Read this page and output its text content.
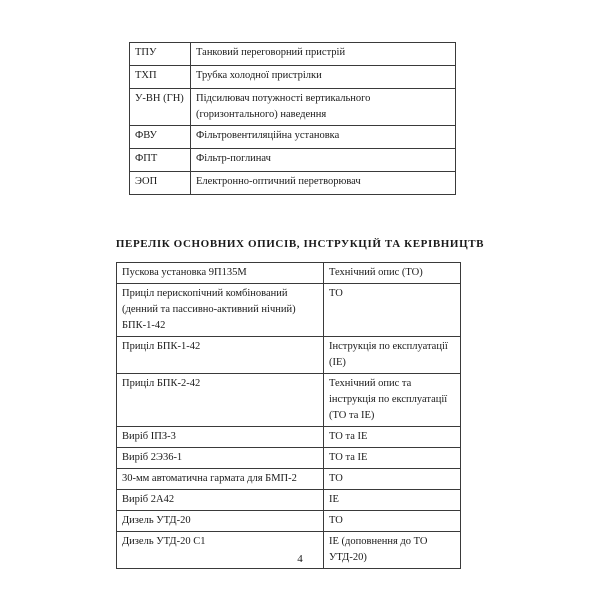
ТПУ	Танковий переговорний пристрій
ТХП	Трубка холодної пристрілки
У-ВН (ГН)	Підсилювач потужності вертикального (горизонтального) наведення
ФВУ	Фільтровентиляційна установка
ФПТ	Фільтр-поглинач
ЭОП	Електронно-оптичний перетворювач
ПЕРЕЛІК ОСНОВНИХ ОПИСІВ, ІНСТРУКЦІЙ ТА КЕРІВНИЦТВ
Пускова установка 9П135М	Технічний опис (ТО)
Приціл перископічний комбінований (денний та пассивно-активний нічний) БПК-1-42	ТО
Приціл БПК-1-42	Інструкція по експлуатації (ІЕ)
Приціл БПК-2-42	Технічний опис та інструкція по експлуатації (ТО та ІЕ)
Виріб ІПЗ-3	ТО та ІЕ
Виріб 2Э36-1	ТО та ІЕ
30-мм автоматична гармата для БМП-2	ТО
Виріб 2А42	ІЕ
Дизель УТД-20	ТО
Дизель УТД-20 С1	ІЕ (доповнення до ТО УТД-20)
4
